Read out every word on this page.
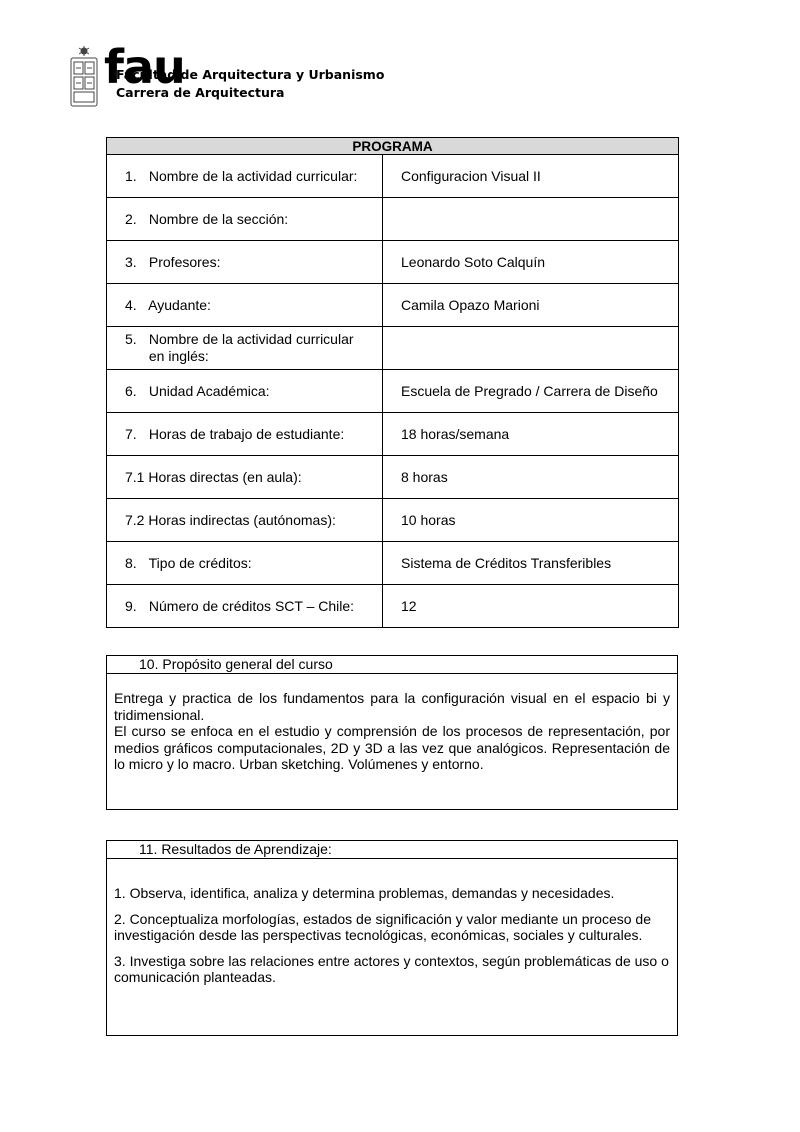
fau
Facultad de Arquitectura y Urbanismo
Carrera de Arquitectura
PROGRAMA	
1. Nombre de la actividad curricular:	Configuracion Visual II
2. Nombre de la sección:	
3. Profesores:	Leonardo Soto Calquín
4. Ayudante:	Camila Opazo Marioni
5. Nombre de la actividad curricular en inglés:	
6. Unidad Académica:	Escuela de Pregrado / Carrera de Diseño
7. Horas de trabajo de estudiante:	18 horas/semana
7.1 Horas directas (en aula):	8 horas
7.2 Horas indirectas (autónomas):	10 horas
8. Tipo de créditos:	Sistema de Créditos Transferibles
9. Número de créditos SCT – Chile:	12
10. Propósito general del curso
Entrega y practica de los fundamentos para la configuración visual en el espacio bi y tridimensional.
El curso se enfoca en el estudio y comprensión de los procesos de representación, por medios gráficos computacionales, 2D y 3D a las vez que analógicos. Representación de lo micro y lo macro. Urban sketching. Volúmenes y entorno.
11. Resultados de Aprendizaje:

1. Observa, identifica, analiza y determina problemas, demandas y necesidades.

2. Conceptualiza morfologías, estados de significación y valor mediante un proceso de investigación desde las perspectivas tecnológicas, económicas, sociales y culturales.

3. Investiga sobre las relaciones entre actores y contextos, según problemáticas de uso o comunicación planteadas.
